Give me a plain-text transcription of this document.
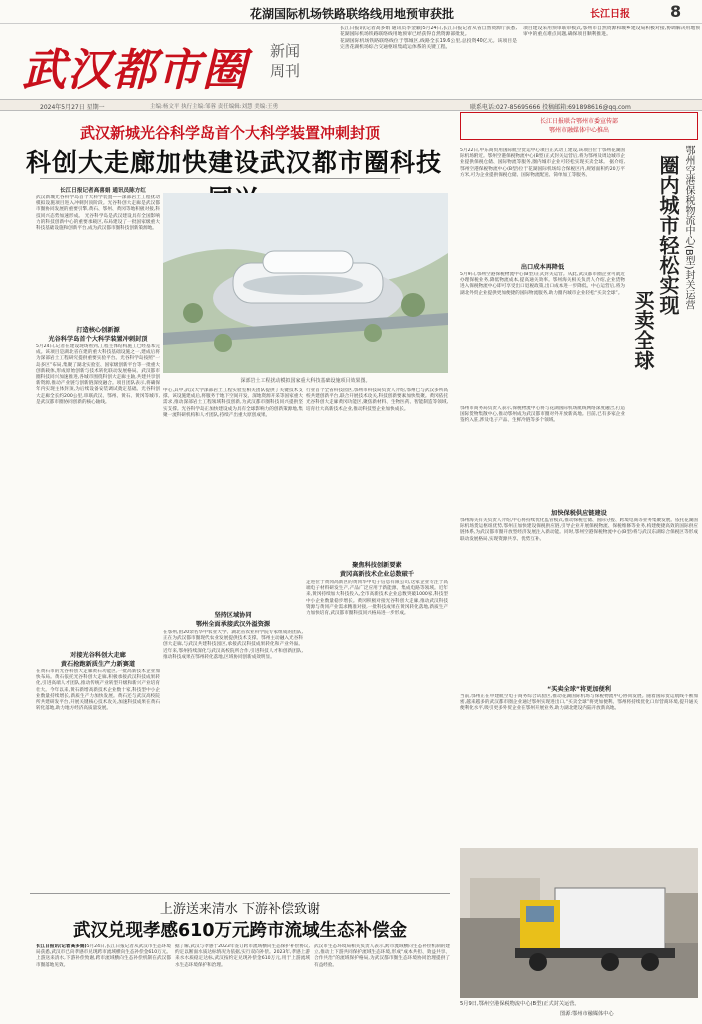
花湖国际机场铁路联络线用地预审获批	长江日报	8
武汉都市圈 新闻
周刊

长江日报讯(记者高多娟 通讯员李金颖)5月24日,长江日报记者从省自然资源厅获悉,花湖国际机场铁路联络线用地预审已经获得自然资源部批复。

花湖国际机场铁路联络线位于鄂城区,线路全长19.6公里,总投资40亿元。该项目是完善花湖机场综合交通枢纽集疏运体系的关键工程。

项目建设采用预审联审模式,鄂州市自然资源和城乡建设局积极对接,协调解决用地预审中的重点难点问题,确保项目顺利推进。

2024年5月27日 星期一	主编:杨文平 执行主编:邹蓉 责任编辑:刘慧 美编:王勇	联系电话:027-85695666 投稿邮箱:691898616@qq.com
武汉新城光谷科学岛首个大科学装置冲刺封顶
科创大走廊加快建设武汉都市圈科技
长江日报记者高喜娟 通讯员陈方红
深部岩土工程扰动模拟国家重大科技基础设施项目效果图。
武汉新城光谷科学岛首个大科学装置——深部岩土工程扰动模拟设施项目进入冲刺封顶阶段。光谷科创大走廊是武汉都市圈协同发展的重要引擎,黄石、鄂州、黄冈等地积极对接,科技同兴态势加速形成。 光谷科学岛是武汉建设具有全国影响力的科技创新中心的重要承载区,布局建设了一批国家级重大科技基础设施和创新平台,成为武汉都市圈科技创新策源地。
打造核心创新源
光谷科学岛首个大科学装置冲刺封顶
5月24日,记者在建设现场看到,工程主体结构施工已经基本完成。该项目是湖北省在建的重大科技基础设施之一,建成后将为深部岩土工程研究提供重要实验平台。光谷科学岛按照“一岛多区”布局,集聚了湖北实验室、国家级创新平台等一批重大创新载体,形成原始创新与技术转化联动发展格局。武汉都市圈科技同兴加速推进,各城市围绕科创大走廊主轴,共建共享创新资源,推动产业链与创新链深度融合。项目团队表示,将确保年内实现主体封顶,为后续设备安装调试奠定基础。光谷科创大走廊全长约200公里,串联武汉、鄂州、黄石、黄冈等城市,是武汉都市圈协同创新的核心轴线。
对接光谷科创大走廊
黄石抢跑新质生产力新赛道
在黄石市的光谷科创大走廊黄石功能区,一批高新技术企业加快布局。黄石依托光谷科创大走廊,积极承接武汉科技成果转化,引进高端人才团队,推动传统产业转型升级和新兴产业培育壮大。今年以来,黄石新增高新技术企业数十家,科技型中小企业数量持续增长,新质生产力加快发展。黄石还与武汉高校院所共建研发平台,开展关键核心技术攻关,加速科技成果在黄石转化落地,助力地方经济高质量发展。
中心,其中,武汉大学深部岩土工程实验室相关团队提供了关键技术支撑。该设施建成后,将服务于地下空间开发、深地资源开采等国家重大需求,推动深部岩土工程领域科技创新,为武汉都市圈科技同兴提供坚实支撑。光谷科学岛正加快建设成为具有全球影响力的创新策源地,集聚一流科研机构和人才团队,持续产出重大原创成果。
坚持区域协同
鄂州全面承接武汉外溢资源
在鄂州,由20余名华中农业大学、湖北省农业科学院专家组成的团队,正在为武汉都市圈现代农业发展提供技术支撑。鄂州主动融入光谷科创大走廊,与武汉共建科技园区,承接武汉科技成果转化和产业外溢。近年来,鄂州持续深化与武汉高校院所合作,引进科技人才和创新团队,推动科技成果在鄂州转化落地,区域协同创新成效明显。
行业首个全省科技园区,鄂州市科技局负责人介绍,鄂州已与武汉多所高校共建创新平台,联合开展技术攻关,科技创新要素加快集聚。黄冈依托光谷科创大走廊黄冈功能区,聚焦新材料、生物医药、智能制造等领域,培育壮大高新技术企业,推动科技型企业加快成长。
聚焦科技创新要素
黄冈高新技术企业总数破千
走进位于黄冈高新区的黄冈华中电子信息有限公司,这家企业专注于高端电子材料研发生产,产品广泛应用于新能源、集成电路等领域。近年来,黄冈持续加大科技投入,全市高新技术企业总数突破1000家,科技型中小企业数量稳步增长。黄冈积极对接光谷科创大走廊,推动武汉科技资源与黄冈产业需求精准对接,一批科技成果在黄冈转化落地,新质生产力加快培育,武汉都市圈科技同兴格局进一步形成。
长江日报联合鄂州市委宣传部
鄂州市融媒体中心推出
圈内城市轻松实现
买卖全球
鄂州空港保税物流中心(B型)封关运营
5月22日,中东商贸用国际航空货运中心项目正式动工建设,该项目位于鄂州花湖国际机场附近。鄂州空港保税物流中心(B型)正式封关运营后,将为鄂州及周边城市企业提供保税仓储、国际物流等服务,圈内城市企业可轻松实现买卖全球。 据介绍,鄂州空港保税物流中心(B型)位于花湖国际机场综合保税区内,规划面积约20万平方米,可为企业提供保税仓储、国际物流配送、简单加工等服务。
出口成本再降低
5月9日,鄂州空港保税物流中心(B型)正式封关运营。从此,武汉都市圈企业可就近办理保税业务,降低物流成本,提高通关效率。鄂州海关相关负责人介绍,企业货物进入保税物流中心即可享受出口退税政策,出口成本进一步降低。中心运营后,将为湖北外贸企业提供更加便捷的国际物流服务,助力圈内城市企业轻松“买卖全球”。
鄂州市商务局负责人表示,保税物流中心将与花湖国际机场航线网络深度融合,打造国际货物集散中心,推动鄂州成为武汉都市圈对外开放新高地。目前,已有多家企业签约入驻,涉及电子产品、生鲜冷链等多个领域。
加快保税供应链建设
鄂州海关有关负责人介绍,中心将持续优化监管模式,推动保税仓储、国际分拨、跨境电商等业务集聚发展。依托花湖国际机场货运枢纽优势,鄂州正加快建设保税供应链,引导企业开展保税物流、保税维修等业务,构建便捷高效的国际供应链体系,为武汉都市圈开放型经济发展注入新动能。同时,鄂州空港保税物流中心(B型)将与武汉东湖综合保税区等形成联动发展格局,实现资源共享、优势互补。
“买卖全球”将更加便利
当前,鄂州正在申建航空电子商务综合试验区,推动花湖国际机场与保税物流中心协同发展。随着国际货运航线不断加密,越来越多的武汉都市圈企业通过鄂州实现进出口,“买卖全球”将更加便利。鄂州将持续优化口岸营商环境,提升通关便利化水平,吸引更多外贸企业在鄂州开展业务,助力湖北建设内陆开放新高地。
5月9日,鄂州空港保税物流中心(B型)正式封关运营。
图源:鄂州市融媒体中心
上游送来清水 下游补偿致谢
武汉兑现孝感610万元跨市流域生态补偿金
长江日报讯(记者高多娟)5月24日,长江日报记者从武汉市生态环境局获悉,武汉市已向孝感市兑现跨市流域横向生态补偿金610万元。上游送来清水,下游补偿致谢,跨市流域横向生态补偿机制在武汉都市圈落地见效。
据了解,武汉与孝感于2023年签订跨市流域横向生态保护补偿协议,约定以断面水质达标情况为依据,实行双向补偿。2023年,孝感上游来水水质稳定达标,武汉按约定兑现补偿金610万元,用于上游流域水生态环境保护和治理。
武汉市生态环境局相关负责人表示,跨市流域横向生态补偿机制的建立,推动上下游共同保护流域生态环境,形成“成本共担、效益共享、合作共治”的流域保护格局,为武汉都市圈生态环境协同治理提供了有益经验。
